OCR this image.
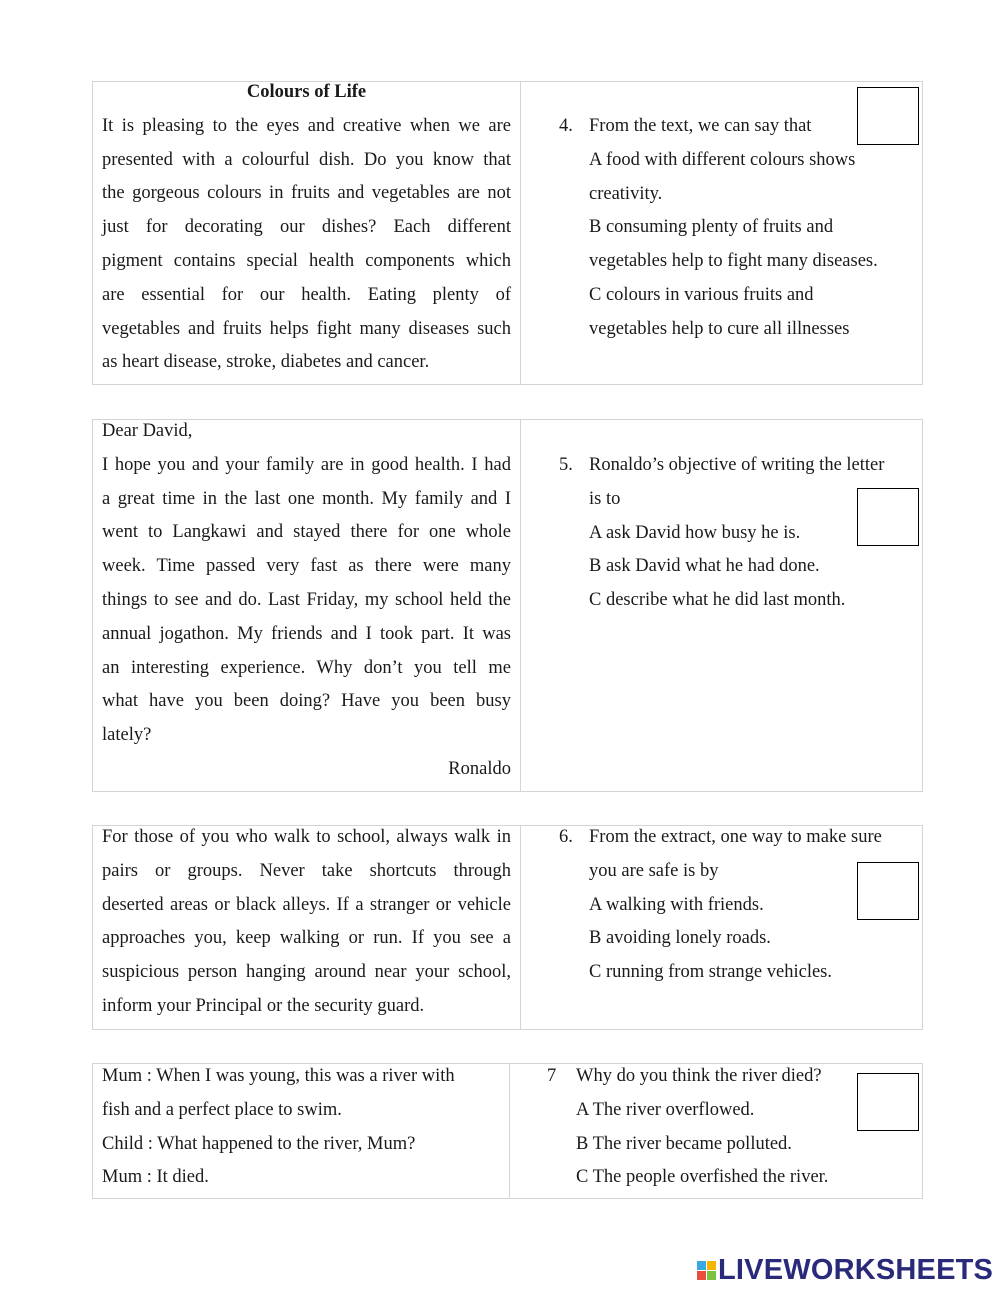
Colours of Life
It is pleasing to the eyes and creative when we are
presented with a colourful dish. Do you know that
the gorgeous colours in fruits and vegetables are not
just for decorating our dishes? Each different
pigment contains special health components which
are essential for our health. Eating plenty of
vegetables and fruits helps fight many diseases such
as heart disease, stroke, diabetes and cancer.
4. From the text, we can say that
A food with different colours shows
creativity.
B consuming plenty of fruits and
vegetables help to fight many diseases.
C colours in various fruits and
vegetables help to cure all illnesses
Dear David,
I hope you and your family are in good health. I had
a great time in the last one month. My family and I
went to Langkawi and stayed there for one whole
week. Time passed very fast as there were many
things to see and do. Last Friday, my school held the
annual jogathon. My friends and I took part. It was
an interesting experience. Why don’t you tell me
what have you been doing? Have you been busy
lately?
Ronaldo
5. Ronaldo’s objective of writing the letter
is to
A ask David how busy he is.
B ask David what he had done.
C describe what he did last month.
For those of you who walk to school, always walk in
pairs or groups. Never take shortcuts through
deserted areas or black alleys. If a stranger or vehicle
approaches you, keep walking or run. If you see a
suspicious person hanging around near your school,
inform your Principal or the security guard.
6. From the extract, one way to make sure
you are safe is by
A walking with friends.
B avoiding lonely roads.
C running from strange vehicles.
Mum : When I was young, this was a river with
fish and a perfect place to swim.
Child : What happened to the river, Mum?
Mum : It died.
7 Why do you think the river died?
A The river overflowed.
B The river became polluted.
C The people overfished the river.
LIVEWORKSHEETS
